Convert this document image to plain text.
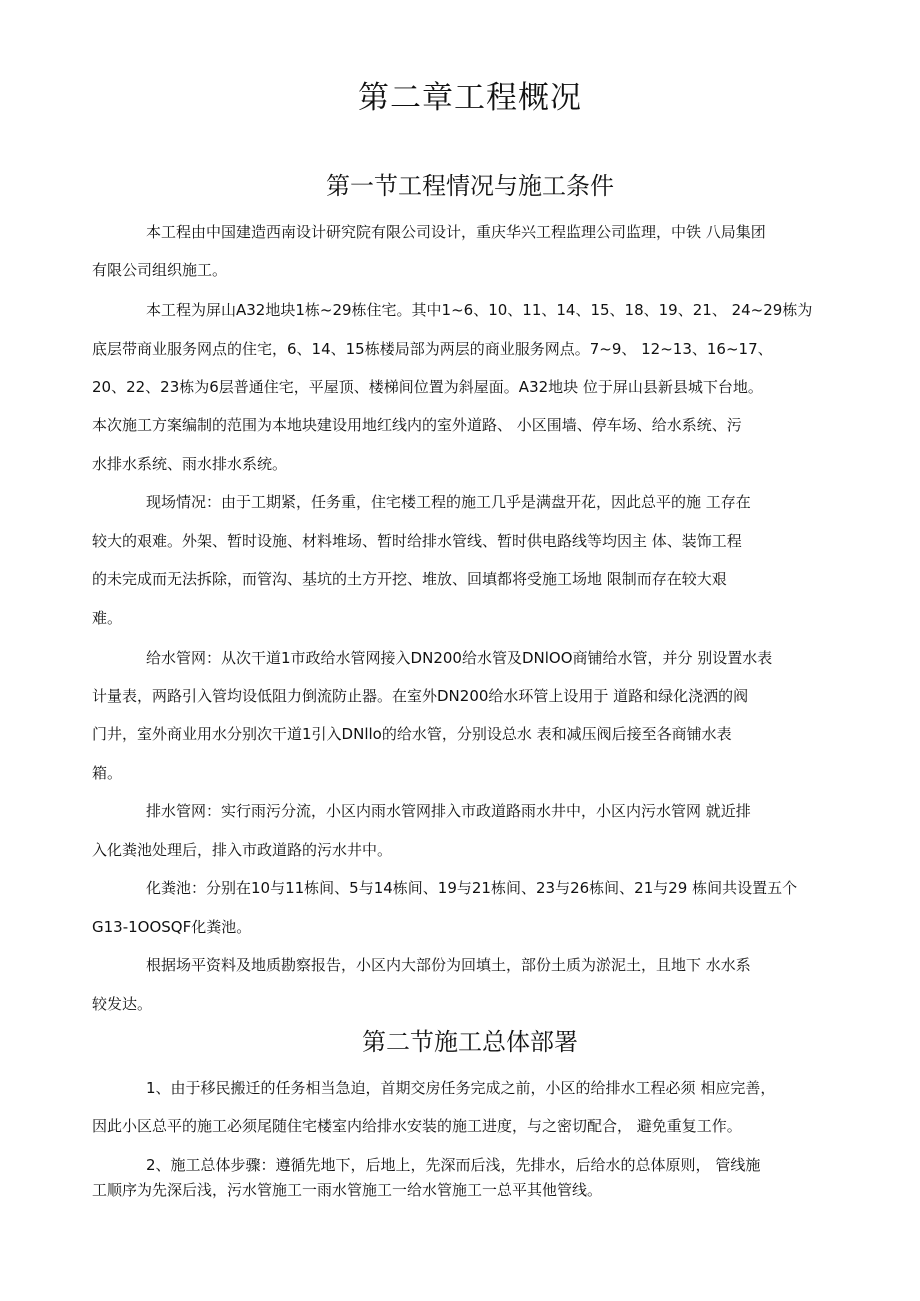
第二章工程概况
第一节工程情况与施工条件

本工程由中国建造西南设计研究院有限公司设计，重庆华兴工程监理公司监理，中铁 八局集团

有限公司组织施工。

本工程为屏山A32地块1栋~29栋住宅。其中1~6、10、11、14、15、18、19、21、 24~29栋为

底层带商业服务网点的住宅，6、14、15栋楼局部为两层的商业服务网点。7~9、 12~13、16~17、

20、22、23栋为6层普通住宅，平屋顶、楼梯间位置为斜屋面。A32地块 位于屏山县新县城下台地。

本次施工方案编制的范围为本地块建设用地红线内的室外道路、 小区围墙、停车场、给水系统、污

水排水系统、雨水排水系统。

现场情况：由于工期紧，任务重，住宅楼工程的施工几乎是满盘开花，因此总平的施 工存在

较大的艰难。外架、暂时设施、材料堆场、暂时给排水管线、暂时供电路线等均因主 体、装饰工程

的未完成而无法拆除，而管沟、基坑的土方开挖、堆放、回填都将受施工场地 限制而存在较大艰

难。

给水管网：从次干道1市政给水管网接入DN200给水管及DNlOO商铺给水管，并分 别设置水表

计量表，两路引入管均设低阻力倒流防止器。在室外DN200给水环管上设用于 道路和绿化浇洒的阀

门井，室外商业用水分别次干道1引入DNllo的给水管，分别设总水 表和减压阀后接至各商铺水表

箱。

排水管网：实行雨污分流，小区内雨水管网排入市政道路雨水井中，小区内污水管网 就近排

入化粪池处理后，排入市政道路的污水井中。

化粪池：分别在10与11栋间、5与14栋间、19与21栋间、23与26栋间、21与29 栋间共设置五个

G13-1OOSQF化粪池。

根据场平资料及地质勘察报告，小区内大部份为回填土，部份土质为淤泥土，且地下 水水系

较发达。

第二节施工总体部署

1、由于移民搬迁的任务相当急迫，首期交房任务完成之前，小区的给排水工程必须 相应完善，

因此小区总平的施工必须尾随住宅楼室内给排水安装的施工进度，与之密切配合， 避免重复工作。

2、施工总体步骤：遵循先地下，后地上，先深而后浅，先排水，后给水的总体原则， 管线施

工顺序为先深后浅，污水管施工一雨水管施工一给水管施工一总平其他管线。
